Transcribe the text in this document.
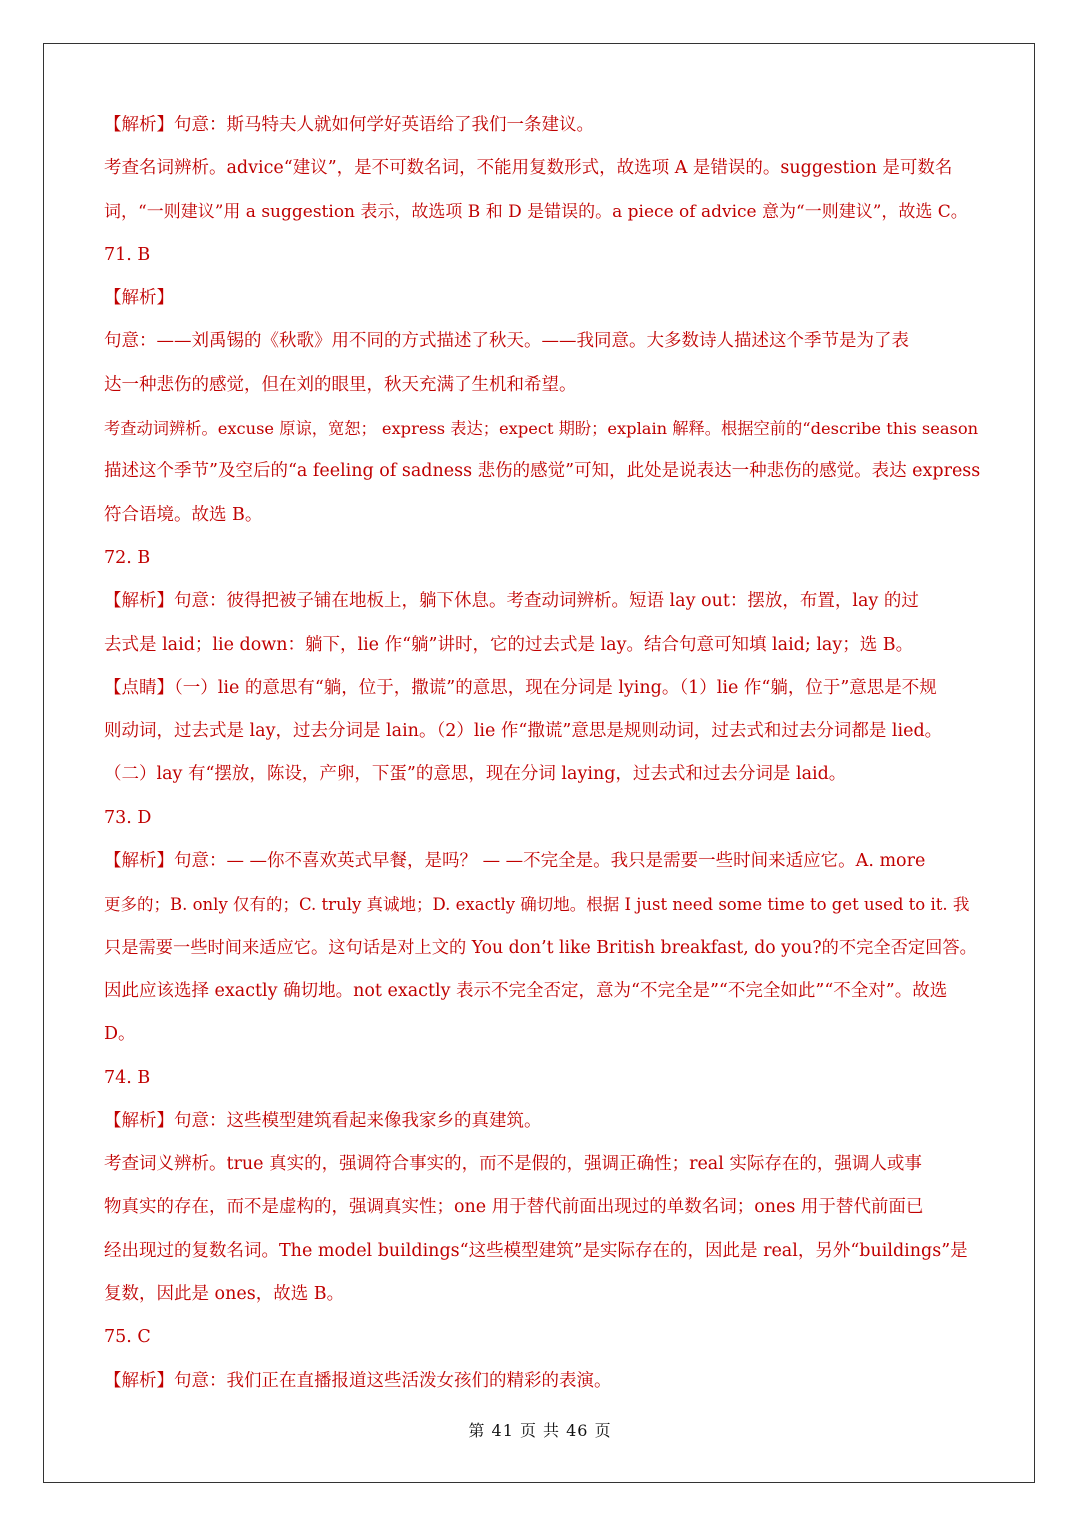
【解析】句意：斯马特夫人就如何学好英语给了我们一条建议。
考查名词辨析。advice“建议”，是不可数名词，不能用复数形式，故选项 A 是错误的。suggestion 是可数名
词，“一则建议”用 a suggestion 表示，故选项 B 和 D 是错误的。a piece of advice 意为“一则建议”，故选 C。
71. B
【解析】
句意：——刘禹锡的《秋歌》用不同的方式描述了秋天。——我同意。大多数诗人描述这个季节是为了表
达一种悲伤的感觉，但在刘的眼里，秋天充满了生机和希望。
考查动词辨析。excuse 原谅，宽恕； express 表达；expect 期盼；explain 解释。根据空前的“describe this season
描述这个季节”及空后的“a feeling of sadness 悲伤的感觉”可知，此处是说表达一种悲伤的感觉。表达 express
符合语境。故选 B。
72. B
【解析】句意：彼得把被子铺在地板上，躺下休息。考查动词辨析。短语 lay out：摆放，布置，lay 的过
去式是 laid；lie down：躺下，lie 作“躺”讲时，它的过去式是 lay。结合句意可知填 laid; lay；选 B。
【点睛】（一）lie 的意思有“躺，位于，撒谎”的意思，现在分词是 lying。（1）lie 作“躺，位于”意思是不规
则动词，过去式是 lay，过去分词是 lain。（2）lie 作“撒谎”意思是规则动词，过去式和过去分词都是 lied。
（二）lay 有“摆放，陈设，产卵，下蛋”的意思，现在分词 laying，过去式和过去分词是 laid。
73. D
【解析】句意：— —你不喜欢英式早餐，是吗？ — —不完全是。我只是需要一些时间来适应它。A. more
更多的；B. only 仅有的；C. truly 真诚地；D. exactly 确切地。根据 I just need some time to get used to it. 我
只是需要一些时间来适应它。这句话是对上文的 You don’t like British breakfast, do you?的不完全否定回答。
因此应该选择 exactly 确切地。not exactly 表示不完全否定，意为“不完全是”“不完全如此”“不全对”。故选
D。
74. B
【解析】句意：这些模型建筑看起来像我家乡的真建筑。
考查词义辨析。true 真实的，强调符合事实的，而不是假的，强调正确性；real 实际存在的，强调人或事
物真实的存在，而不是虚构的，强调真实性；one 用于替代前面出现过的单数名词；ones 用于替代前面已
经出现过的复数名词。The model buildings“这些模型建筑”是实际存在的，因此是 real，另外“buildings”是
复数，因此是 ones，故选 B。
75. C
【解析】句意：我们正在直播报道这些活泼女孩们的精彩的表演。
第 41 页 共 46 页
